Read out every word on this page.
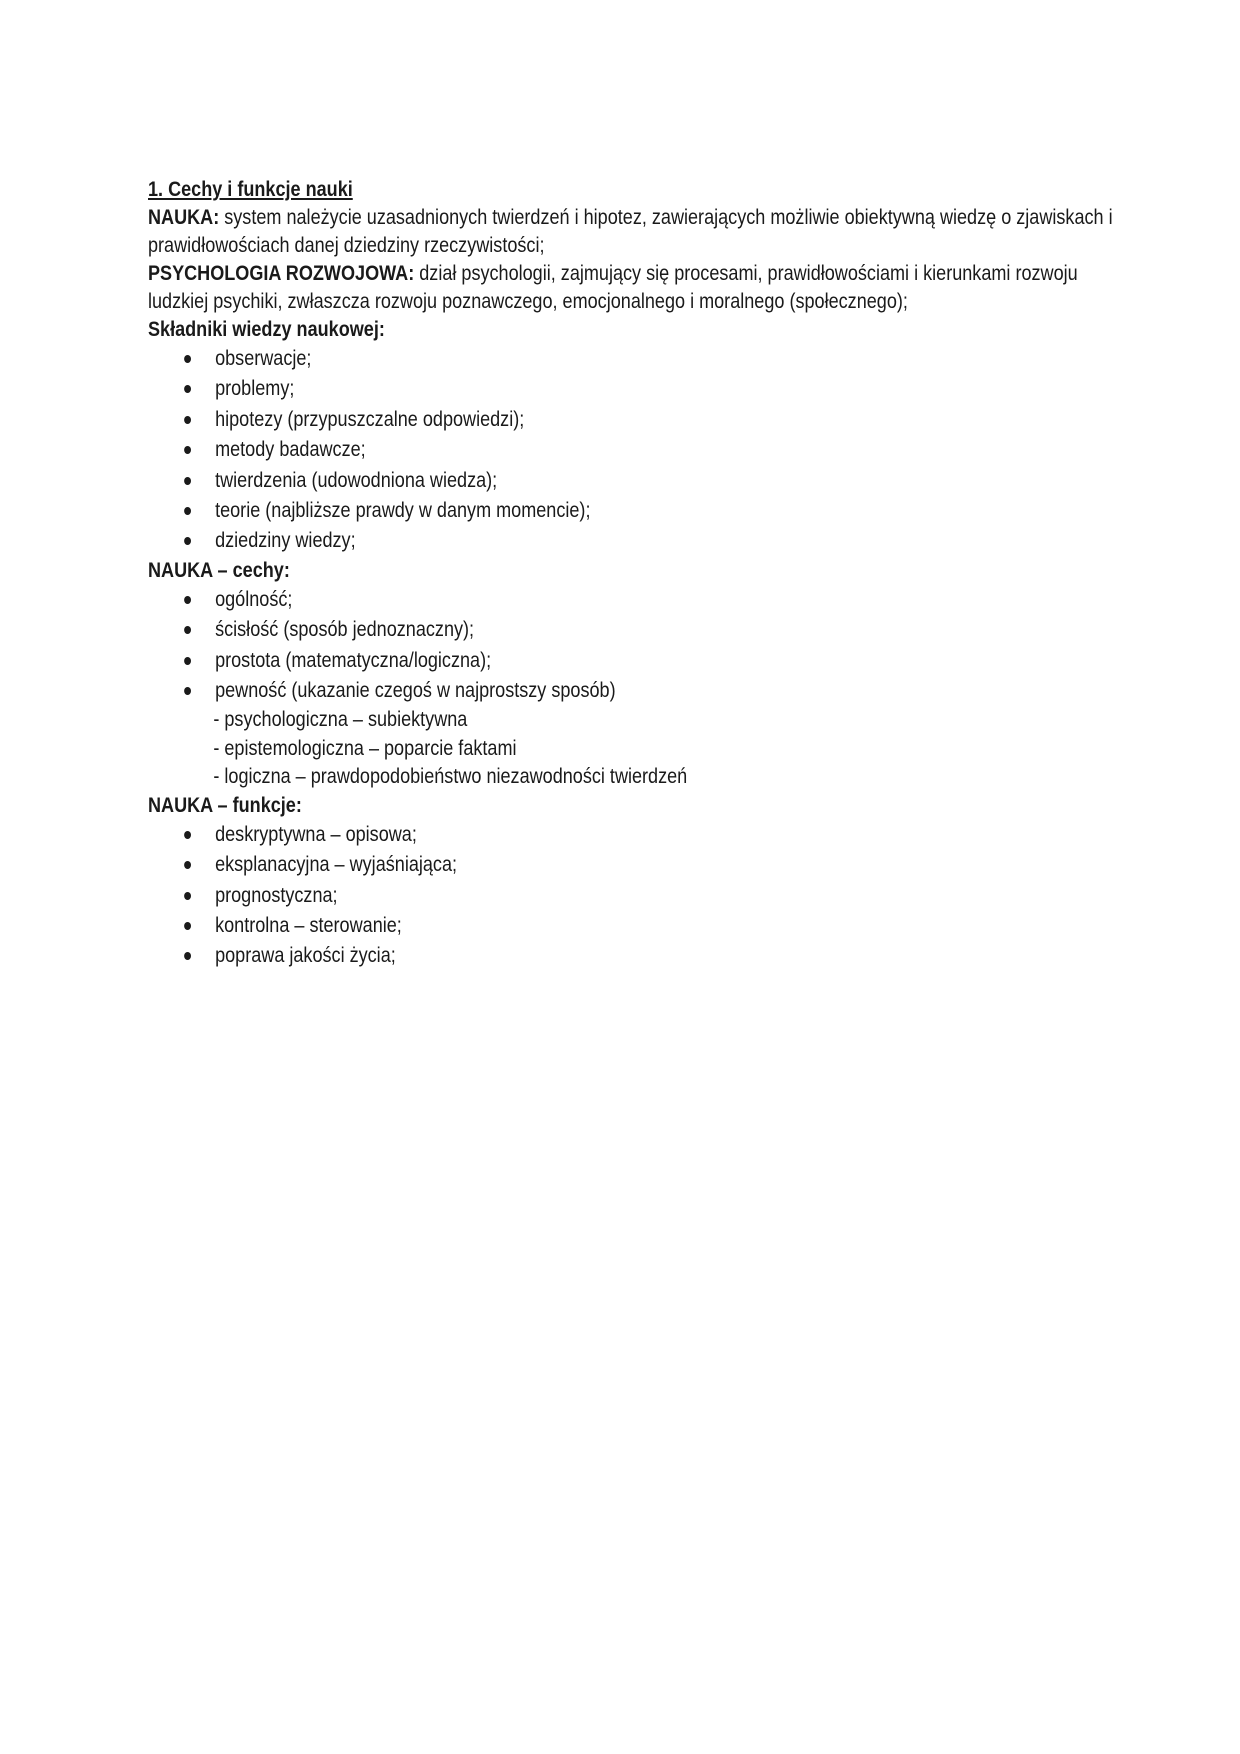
1. Cechy i funkcje nauki

NAUKA: system należycie uzasadnionych twierdzeń i hipotez, zawierających możliwie obiektywną wiedzę o zjawiskach i prawidłowościach danej dziedziny rzeczywistości;

PSYCHOLOGIA ROZWOJOWA: dział psychologii, zajmujący się procesami, prawidłowościami i kierunkami rozwoju ludzkiej psychiki, zwłaszcza rozwoju poznawczego, emocjonalnego i moralnego (społecznego);

Składniki wiedzy naukowej:

obserwacje;
problemy;
hipotezy (przypuszczalne odpowiedzi);
metody badawcze;
twierdzenia (udowodniona wiedza);
teorie (najbliższe prawdy w danym momencie);
dziedziny wiedzy;

NAUKA – cechy:

ogólność;
ścisłość (sposób jednoznaczny);
prostota (matematyczna/logiczna);
pewność (ukazanie czegoś w najprostszy sposób)
- psychologiczna – subiektywna
- epistemologiczna – poparcie faktami
- logiczna – prawdopodobieństwo niezawodności twierdzeń

NAUKA – funkcje:

deskryptywna – opisowa;
eksplanacyjna – wyjaśniająca;
prognostyczna;
kontrolna – sterowanie;
poprawa jakości życia;
